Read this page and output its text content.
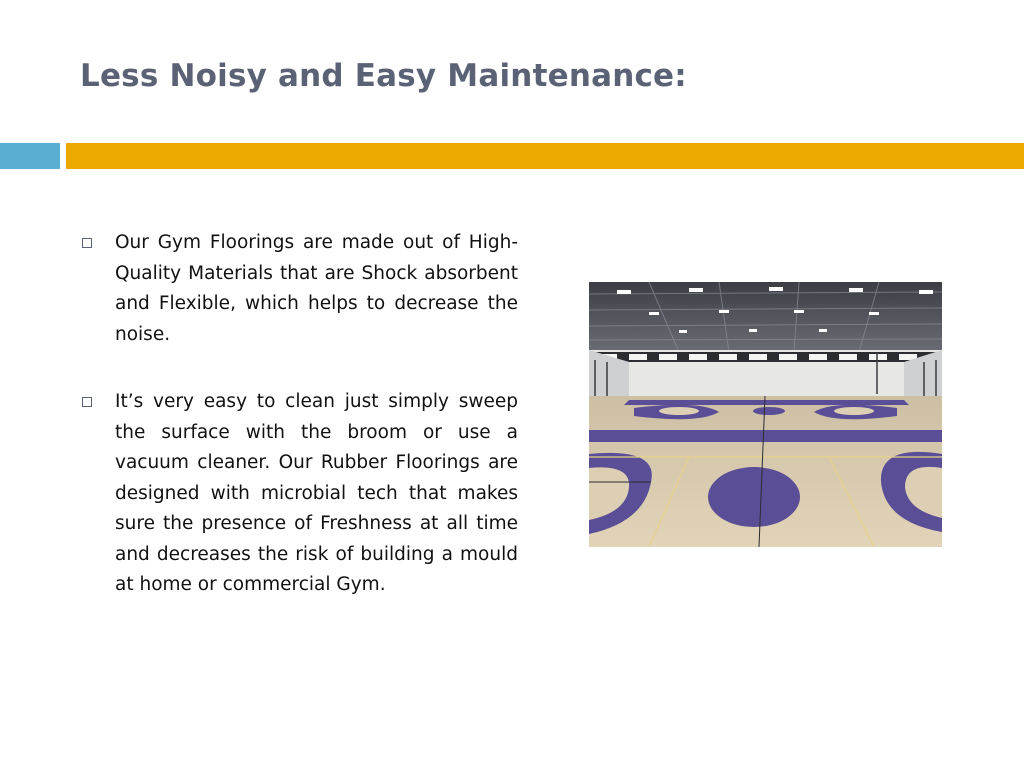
Less Noisy and Easy Maintenance:
Our Gym Floorings are made out of High-Quality Materials that are Shock absorbent and Flexible, which helps to decrease the noise.
It’s very easy to clean just simply sweep the surface with the broom or use a vacuum cleaner. Our Rubber Floorings are designed with microbial tech that makes sure the presence of Freshness at all time and decreases the risk of building a mould at home or commercial Gym.
